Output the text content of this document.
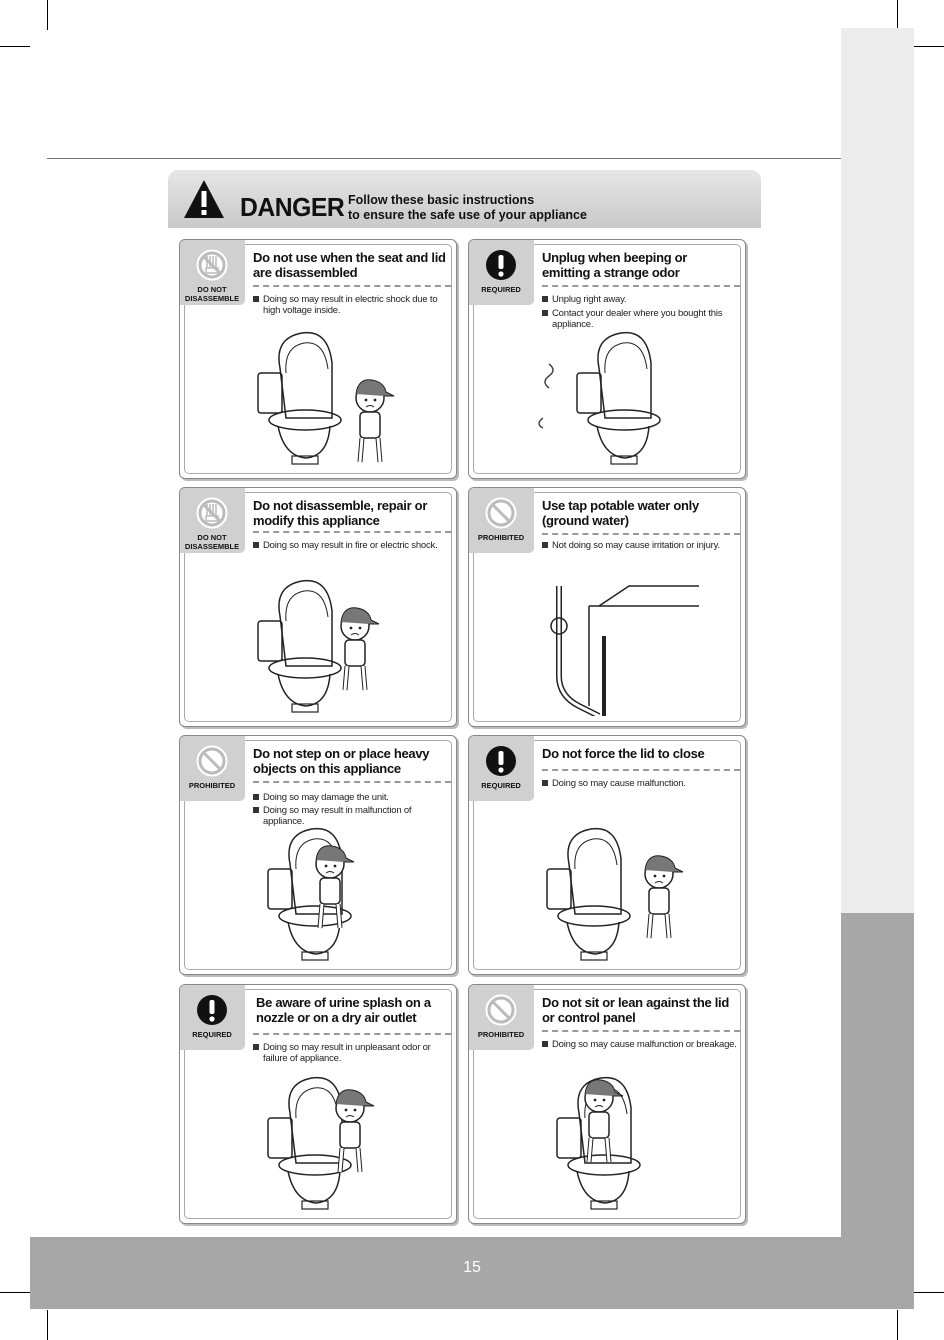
DANGER Follow these basic instructions
to ensure the safe use of your appliance
DO NOT DISASSEMBLE
Do not use when the seat and lid are disassembled
Doing so may result in electric shock due to high voltage inside.
REQUIRED
Unplug when beeping or emitting a strange odor
Unplug right away.
Contact your dealer where you bought this appliance.
DO NOT DISASSEMBLE
Do not disassemble, repair or modify this appliance
Doing so may result in fire or electric shock.
PROHIBITED
Use tap potable water only (ground water)
Not doing so may cause irritation or injury.
PROHIBITED
Do not step on or place heavy objects on this appliance
Doing so may damage the unit.
Doing so may result in malfunction of appliance.
REQUIRED
Do not force the lid to close
Doing so may cause malfunction.
REQUIRED
Be aware of urine splash on a nozzle or on a dry air outlet
Doing so may result in unpleasant odor or failure of appliance.
PROHIBITED
Do not sit or lean against the lid or control panel
Doing so may cause malfunction or breakage.
15
